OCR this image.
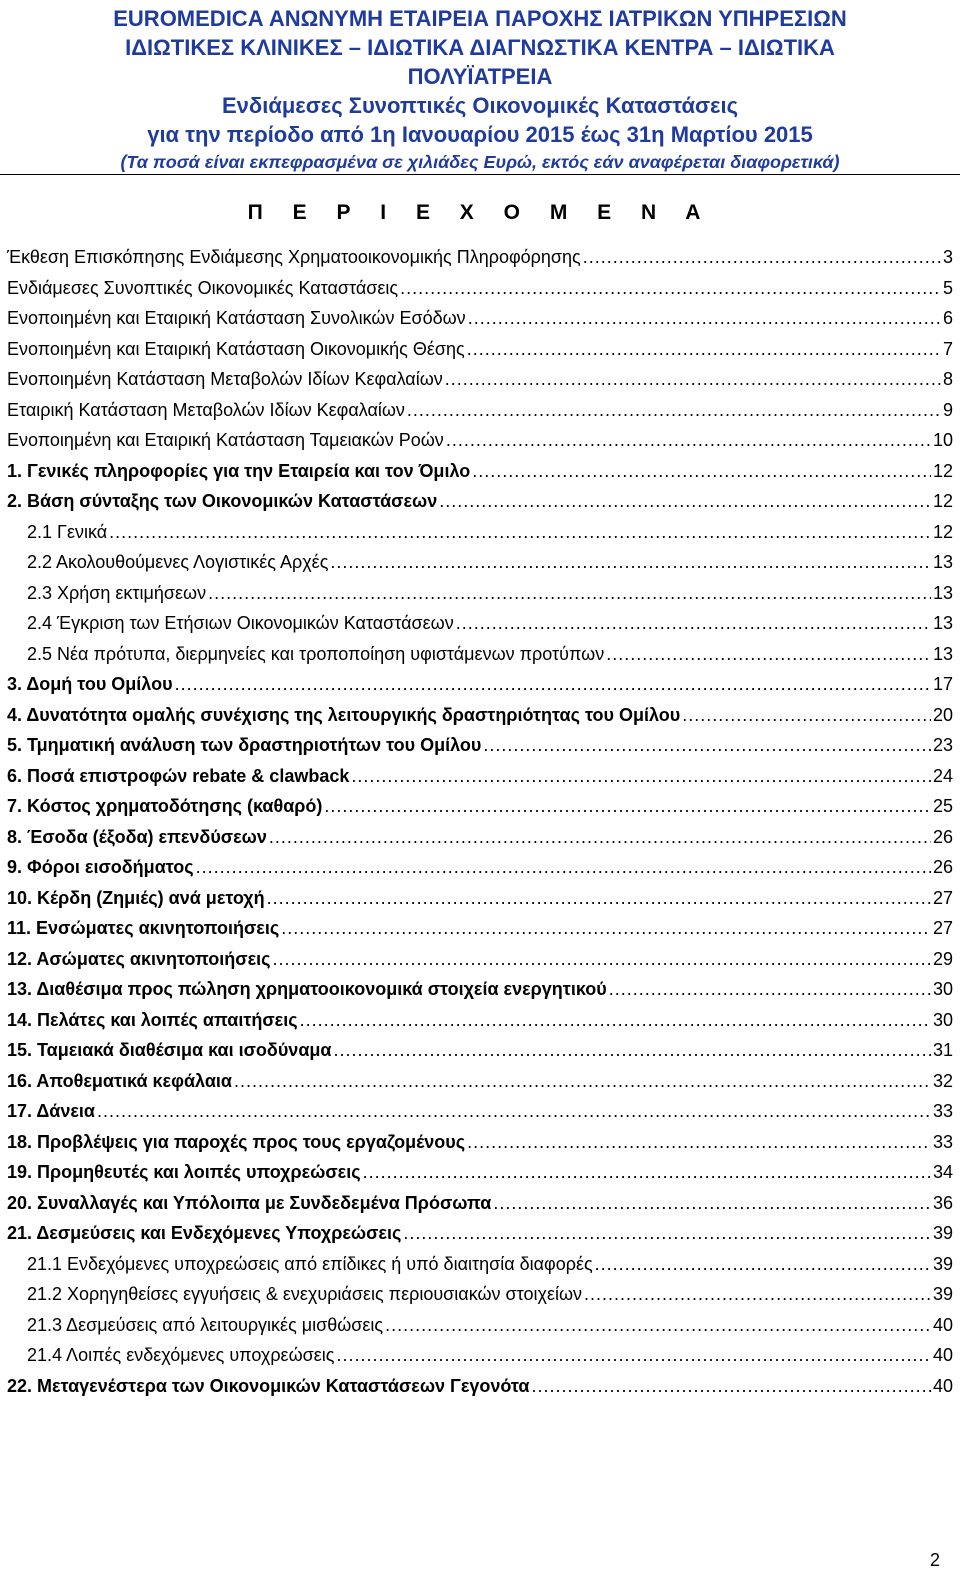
EUROMEDICA ΑΝΩΝΥΜΗ ΕΤΑΙΡΕΙΑ ΠΑΡΟΧΗΣ ΙΑΤΡΙΚΩΝ ΥΠΗΡΕΣΙΩΝ
ΙΔΙΩΤΙΚΕΣ ΚΛΙΝΙΚΕΣ – ΙΔΙΩΤΙΚΑ ΔΙΑΓΝΩΣΤΙΚΑ ΚΕΝΤΡΑ – ΙΔΙΩΤΙΚΑ
ΠΟΛΥΪΑΤΡΕΙΑ
Ενδιάμεσες Συνοπτικές Οικονομικές Καταστάσεις
για την περίοδο από 1η Ιανουαρίου 2015 έως 31η Μαρτίου 2015
(Τα ποσά είναι εκπεφρασμένα σε χιλιάδες Ευρώ, εκτός εάν αναφέρεται διαφορετικά)
Π Ε Ρ Ι Ε Χ Ο Μ Ε Ν Α
Έκθεση Επισκόπησης Ενδιάμεσης Χρηματοοικονομικής Πληροφόρησης .....	3
Ενδιάμεσες Συνοπτικές Οικονομικές Καταστάσεις .....	5
Ενοποιημένη και Εταιρική Κατάσταση Συνολικών Εσόδων .....	6
Ενοποιημένη και Εταιρική Κατάσταση Οικονομικής Θέσης .....	7
Ενοποιημένη Κατάσταση Μεταβολών Ιδίων Κεφαλαίων .....	8
Εταιρική Κατάσταση Μεταβολών Ιδίων Κεφαλαίων .....	9
Ενοποιημένη και Εταιρική Κατάσταση Ταμειακών Ροών .....	10
1. Γενικές πληροφορίες για την Εταιρεία και τον Όμιλο .....	12
2. Βάση σύνταξης των Οικονομικών Καταστάσεων .....	12
2.1 Γενικά .....	12
2.2 Ακολουθούμενες Λογιστικές Αρχές .....	13
2.3 Χρήση εκτιμήσεων .....	13
2.4 Έγκριση των Ετήσιων Οικονομικών Καταστάσεων .....	13
2.5 Νέα πρότυπα, διερμηνείες και τροποποίηση υφιστάμενων προτύπων .....	13
3. Δομή του Ομίλου .....	17
4. Δυνατότητα ομαλής συνέχισης της λειτουργικής δραστηριότητας του Ομίλου .....	20
5. Τμηματική ανάλυση των δραστηριοτήτων του Ομίλου .....	23
6. Ποσά επιστροφών rebate & clawback .....	24
7. Κόστος χρηματοδότησης (καθαρό) .....	25
8. Έσοδα (έξοδα) επενδύσεων .....	26
9. Φόροι εισοδήματος .....	26
10. Κέρδη (Ζημιές) ανά μετοχή .....	27
11. Ενσώματες ακινητοποιήσεις .....	27
12. Ασώματες ακινητοποιήσεις .....	29
13. Διαθέσιμα προς πώληση χρηματοοικονομικά στοιχεία ενεργητικού .....	30
14. Πελάτες και λοιπές απαιτήσεις .....	30
15. Ταμειακά διαθέσιμα και ισοδύναμα .....	31
16. Αποθεματικά κεφάλαια .....	32
17. Δάνεια .....	33
18. Προβλέψεις για παροχές προς τους εργαζομένους .....	33
19. Προμηθευτές και λοιπές υποχρεώσεις .....	34
20. Συναλλαγές και Υπόλοιπα με Συνδεδεμένα Πρόσωπα .....	36
21. Δεσμεύσεις και Ενδεχόμενες Υποχρεώσεις .....	39
21.1 Ενδεχόμενες υποχρεώσεις από επίδικες ή υπό διαιτησία διαφορές .....	39
21.2 Χορηγηθείσες εγγυήσεις & ενεχυριάσεις περιουσιακών στοιχείων .....	39
21.3 Δεσμεύσεις από λειτουργικές μισθώσεις .....	40
21.4 Λοιπές ενδεχόμενες υποχρεώσεις .....	40
22. Μεταγενέστερα των Οικονομικών Καταστάσεων Γεγονότα .....	40
2
